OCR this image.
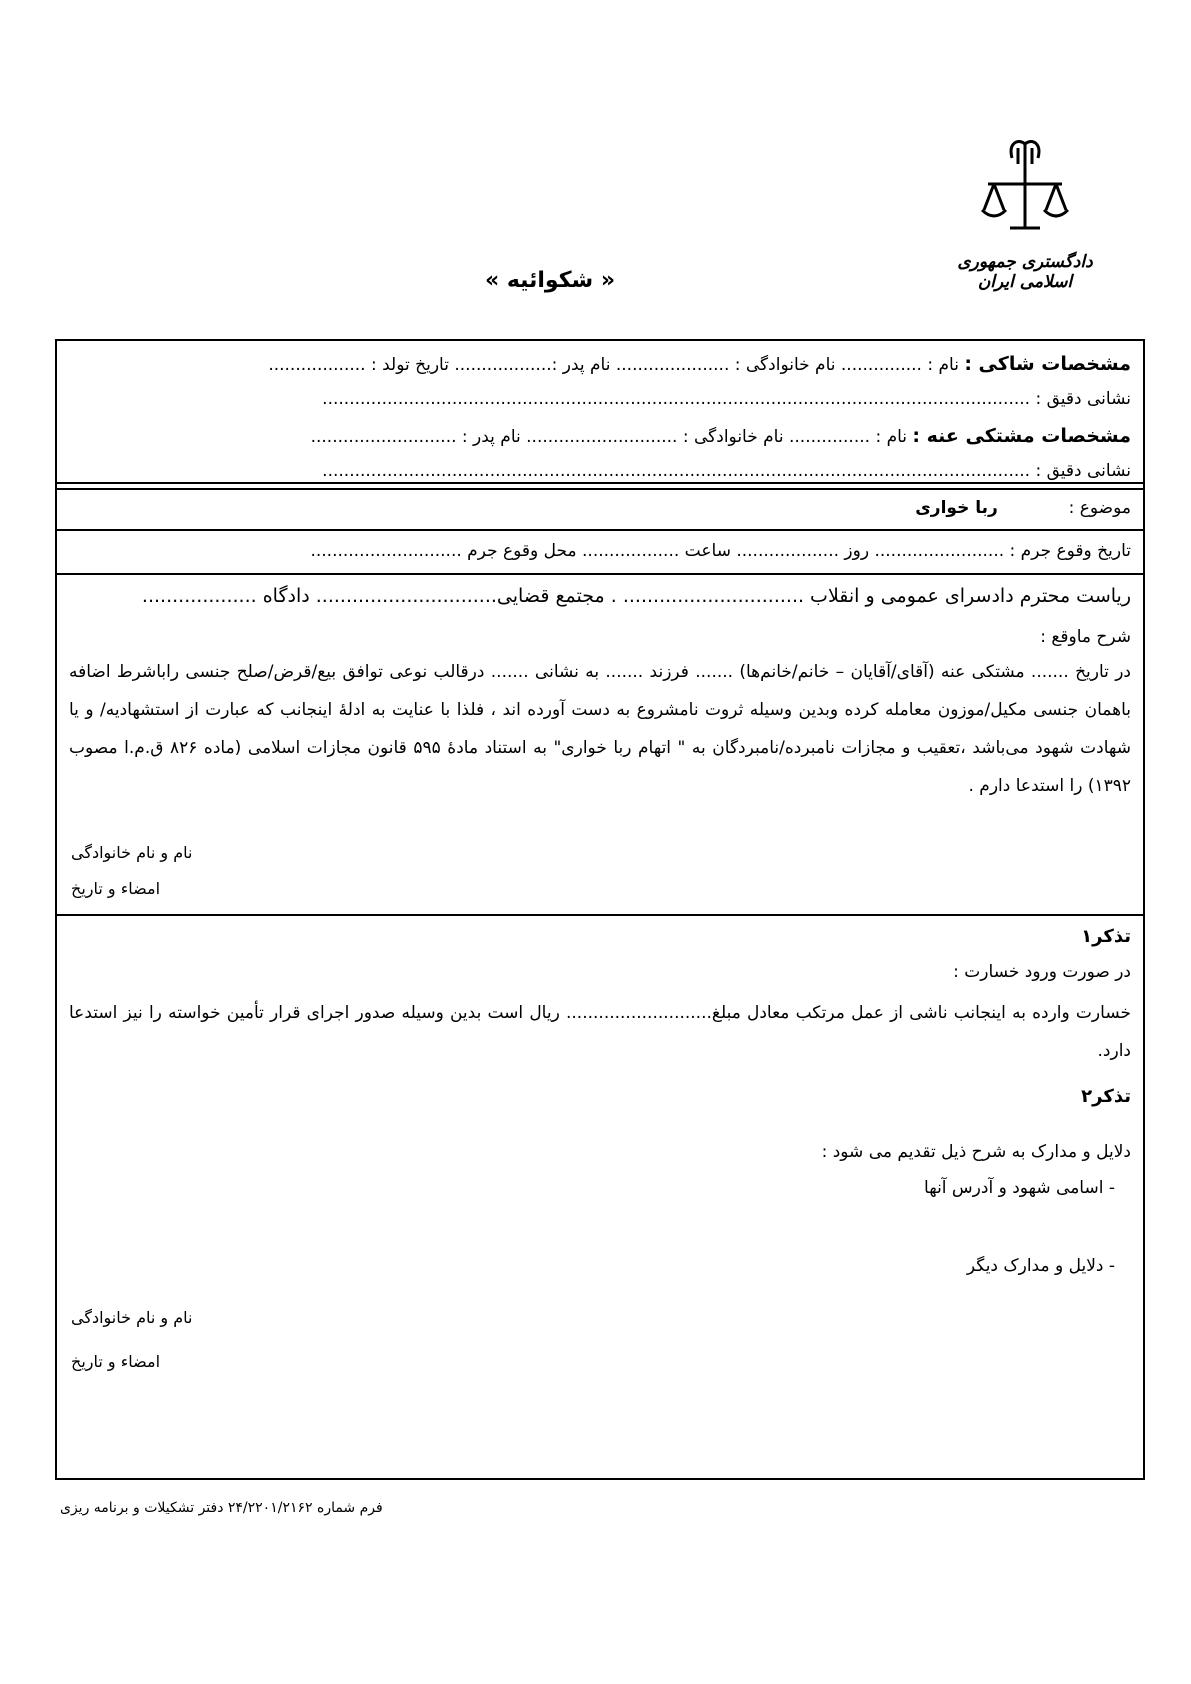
دادگستری جمهوری اسلامی ایران
« شکوائیه »
مشخصات شاکی : نام : ............... نام خانوادگی : ..................... نام پدر :.................. تاریخ تولد : ..................
نشانی دقیق : ...................................................................................................................................
مشخصات مشتکی عنه : نام : ............... نام خانوادگی : ............................ نام پدر : ...........................
نشانی دقیق : ...................................................................................................................................
موضوع :  ربا خواری
تاریخ وقوع جرم : ........................ روز ................... ساعت .................. محل وقوع جرم ............................
ریاست محترم دادسرای عمومی و انقلاب .............................. . مجتمع قضایی.............................. دادگاه ...................
شرح ماوقع :
در تاریخ ....... مشتکی عنه (آقای/آقایان – خانم/خانم‌ها) ....... فرزند ....... به نشانی ....... درقالب نوعی توافق بیع/قرض/صلح جنسی راباشرط اضافه باهمان جنسی مکیل/موزون معامله کرده وبدین وسیله ثروت نامشروع به دست آورده اند ، فلذا با عنایت به ادلهٔ اینجانب که عبارت از استشهادیه/ و یا شهادت شهود می‌باشد ،تعقیب و مجازات نامبرده/نامبردگان به " اتهام ربا خواری" به استناد مادهٔ ۵۹۵ قانون مجازات اسلامی (ماده ۸۲۶ ق.م.ا مصوب ۱۳۹۲) را استدعا دارم .
نام و نام خانوادگی
امضاء و تاریخ
تذکر۱
در صورت ورود خسارت :
خسارت وارده به اینجانب ناشی از عمل مرتکب معادل مبلغ........................... ریال است بدین وسیله صدور اجرای قرار تأمین خواسته را نیز استدعا دارد.
تذکر۲
دلایل و مدارک به شرح ذیل تقدیم می شود :
- اسامی شهود و آدرس آنها
- دلایل و مدارک دیگر
نام و نام خانوادگی
امضاء و تاریخ
فرم شماره ۲۴/۲۲۰۱/۲۱۶۲ دفتر تشکیلات و برنامه ریزی
